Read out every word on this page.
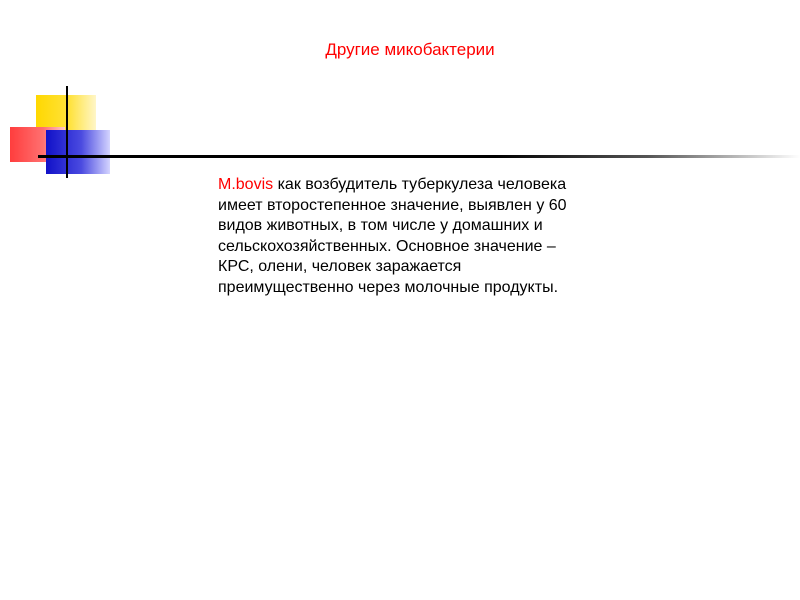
Другие микобактерии

M.bovis как возбудитель туберкулеза человека имеет второстепенное значение, выявлен у 60 видов животных, в том числе у домашних и сельскохозяйственных. Основное значение – КРС, олени, человек заражается преимущественно через молочные продукты.
